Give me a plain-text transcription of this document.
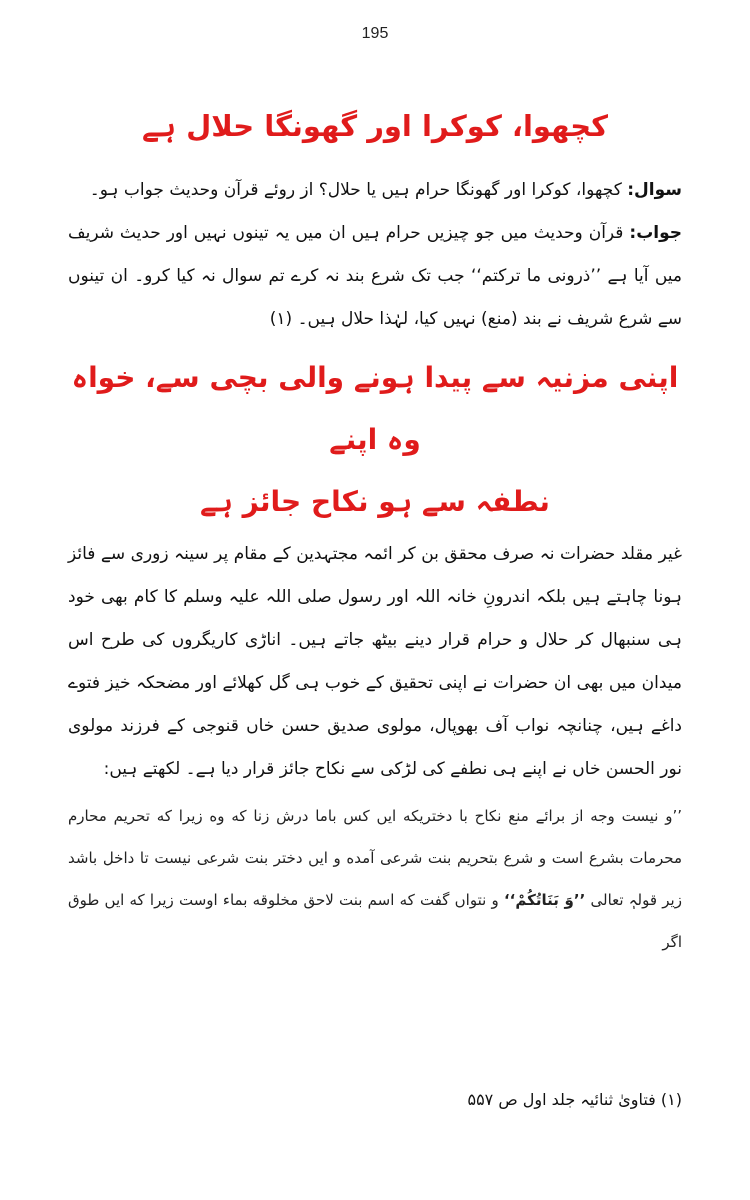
195
کچھوا، کوکرا اور گھونگا حلال ہے

سوال: کچھوا، کوکرا اور گھونگا حرام ہیں یا حلال؟ از روئے قرآن وحدیث جواب ہو۔

جواب: قرآن وحدیث میں جو چیزیں حرام ہیں ان میں یہ تینوں نہیں اور حدیث شریف میں آیا ہے ’’ذرونی ما ترکتم‘‘ جب تک شرع بند نہ کرے تم سوال نہ کیا کرو۔ ان تینوں سے شرع شریف نے بند (منع) نہیں کیا، لہٰذا حلال ہیں۔ (۱)

اپنی مزنیہ سے پیدا ہونے والی بچی سے، خواہ وہ اپنے
نطفہ سے ہو نکاح جائز ہے

غیر مقلد حضرات نہ صرف محقق بن کر ائمہ مجتہدین کے مقام پر سینہ زوری سے فائز ہونا چاہتے ہیں بلکہ اندرونِ خانہ اللہ اور رسول صلی اللہ علیہ وسلم کا کام بھی خود ہی سنبھال کر حلال و حرام قرار دینے بیٹھ جاتے ہیں۔ اناڑی کاریگروں کی طرح اس میدان میں بھی ان حضرات نے اپنی تحقیق کے خوب ہی گل کھلائے اور مضحکہ خیز فتوے داغے ہیں، چنانچہ نواب آف بھوپال، مولوی صدیق حسن خاں قنوجی کے فرزند مولوی نور الحسن خاں نے اپنے ہی نطفے کی لڑکی سے نکاح جائز قرار دیا ہے۔ لکھتے ہیں:

’’و نیست وجه از برائے منع نکاح با دختریکه ایں کس باما درش زنا که وه زیرا که تحریم محارم محرمات بشرع است و شرع بتحریم بنت شرعی آمده و ایں دختر بنت شرعی نیست تا داخل باشد زیر قولہٖ تعالی ’’وَ بَنَاتُكُمْ‘‘ و نتواں گفت که اسم بنت لاحق مخلوقه بماء اوست زیرا که ایں طوق اگر

(۱) فتاویٰ ثنائیہ جلد اول ص ۵۵۷
